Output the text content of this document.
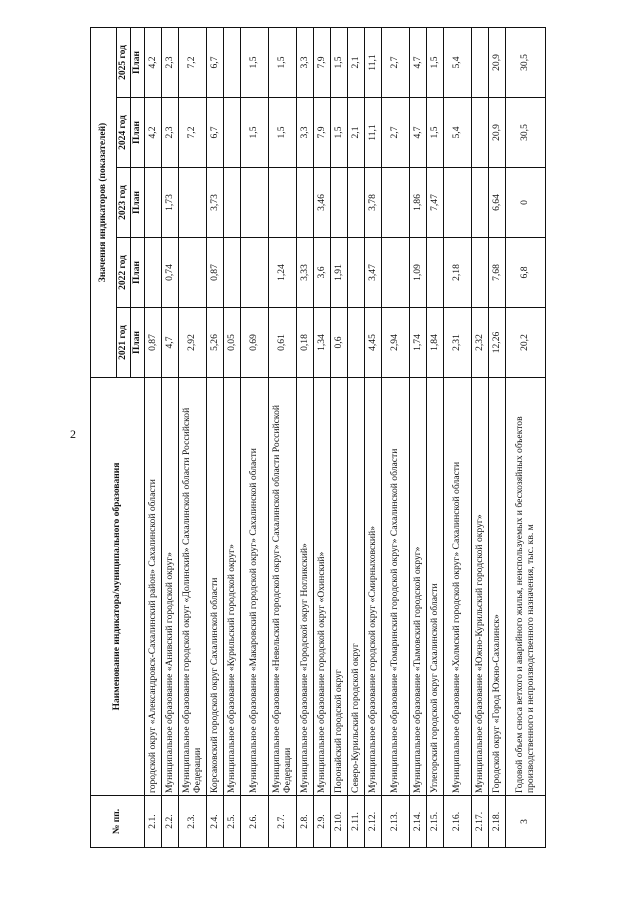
2
№ пп.	Наименование индикатора/муниципального образования	Значения индикаторов (показателей)				
		2021 год	2022 год	2023 год	2024 год	2025 год
		План	План	План	План	План
2.1.	городской округ «Александровск-Сахалинский район» Сахалинской области	0,87			4,2	4,2
2.2.	Муниципальное образование «Анивский городской округ»	4,7	0,74	1,73	2,3	2,3
2.3.	Муниципальное образование городской округ «Долинский» Сахалинской области Российской Федерации	2,92			7,2	7,2
2.4.	Корсаковский городской округ Сахалинской области	5,26	0,87	3,73	6,7	6,7
2.5.	Муниципальное образование «Курильский городской округ»	0,05				
2.6.	Муниципальное образование «Макаровский городской округ» Сахалинской области	0,69			1,5	1,5
2.7.	Муниципальное образование «Невельский городской округ» Сахалинской области Российской Федерации	0,61	1,24		1,5	1,5
2.8.	Муниципальное образование «Городской округ Ногликский»	0,18	3,33		3,3	3,3
2.9.	Муниципальное образование городской округ «Охинский»	1,34	3,6	3,46	7,9	7,9
2.10.	Поронайский городской округ	0,6	1,91		1,5	1,5
2.11.	Северо-Курильский городской округ				2,1	2,1
2.12.	Муниципальное образование городской округ «Смирныховский»	4,45	3,47	3,78	11,1	11,1
2.13.	Муниципальное образование «Томаринский городской округ» Сахалинской области	2,94			2,7	2,7
2.14.	Муниципальное образование «Тымовский городской округ»	1,74	1,09	1,86	4,7	4,7
2.15.	Углегорский городской округ Сахалинской области	1,84		7,47	1,5	1,5
2.16.	Муниципальное образование «Холмский городской округ» Сахалинской области	2,31	2,18		5,4	5,4
2.17.	Муниципальное образование «Южно-Курильский городской округ»	2,32				
2.18.	Городской округ «Город Южно-Сахалинск»	12,26	7,68	6,64	20,9	20,9
3	Годовой объем сноса ветхого и аварийного жилья, неиспользуемых и бесхозяйных объектов производственного и непроизводственного назначения, тыс. кв. м	20,2	6,8	0	30,5	30,5
